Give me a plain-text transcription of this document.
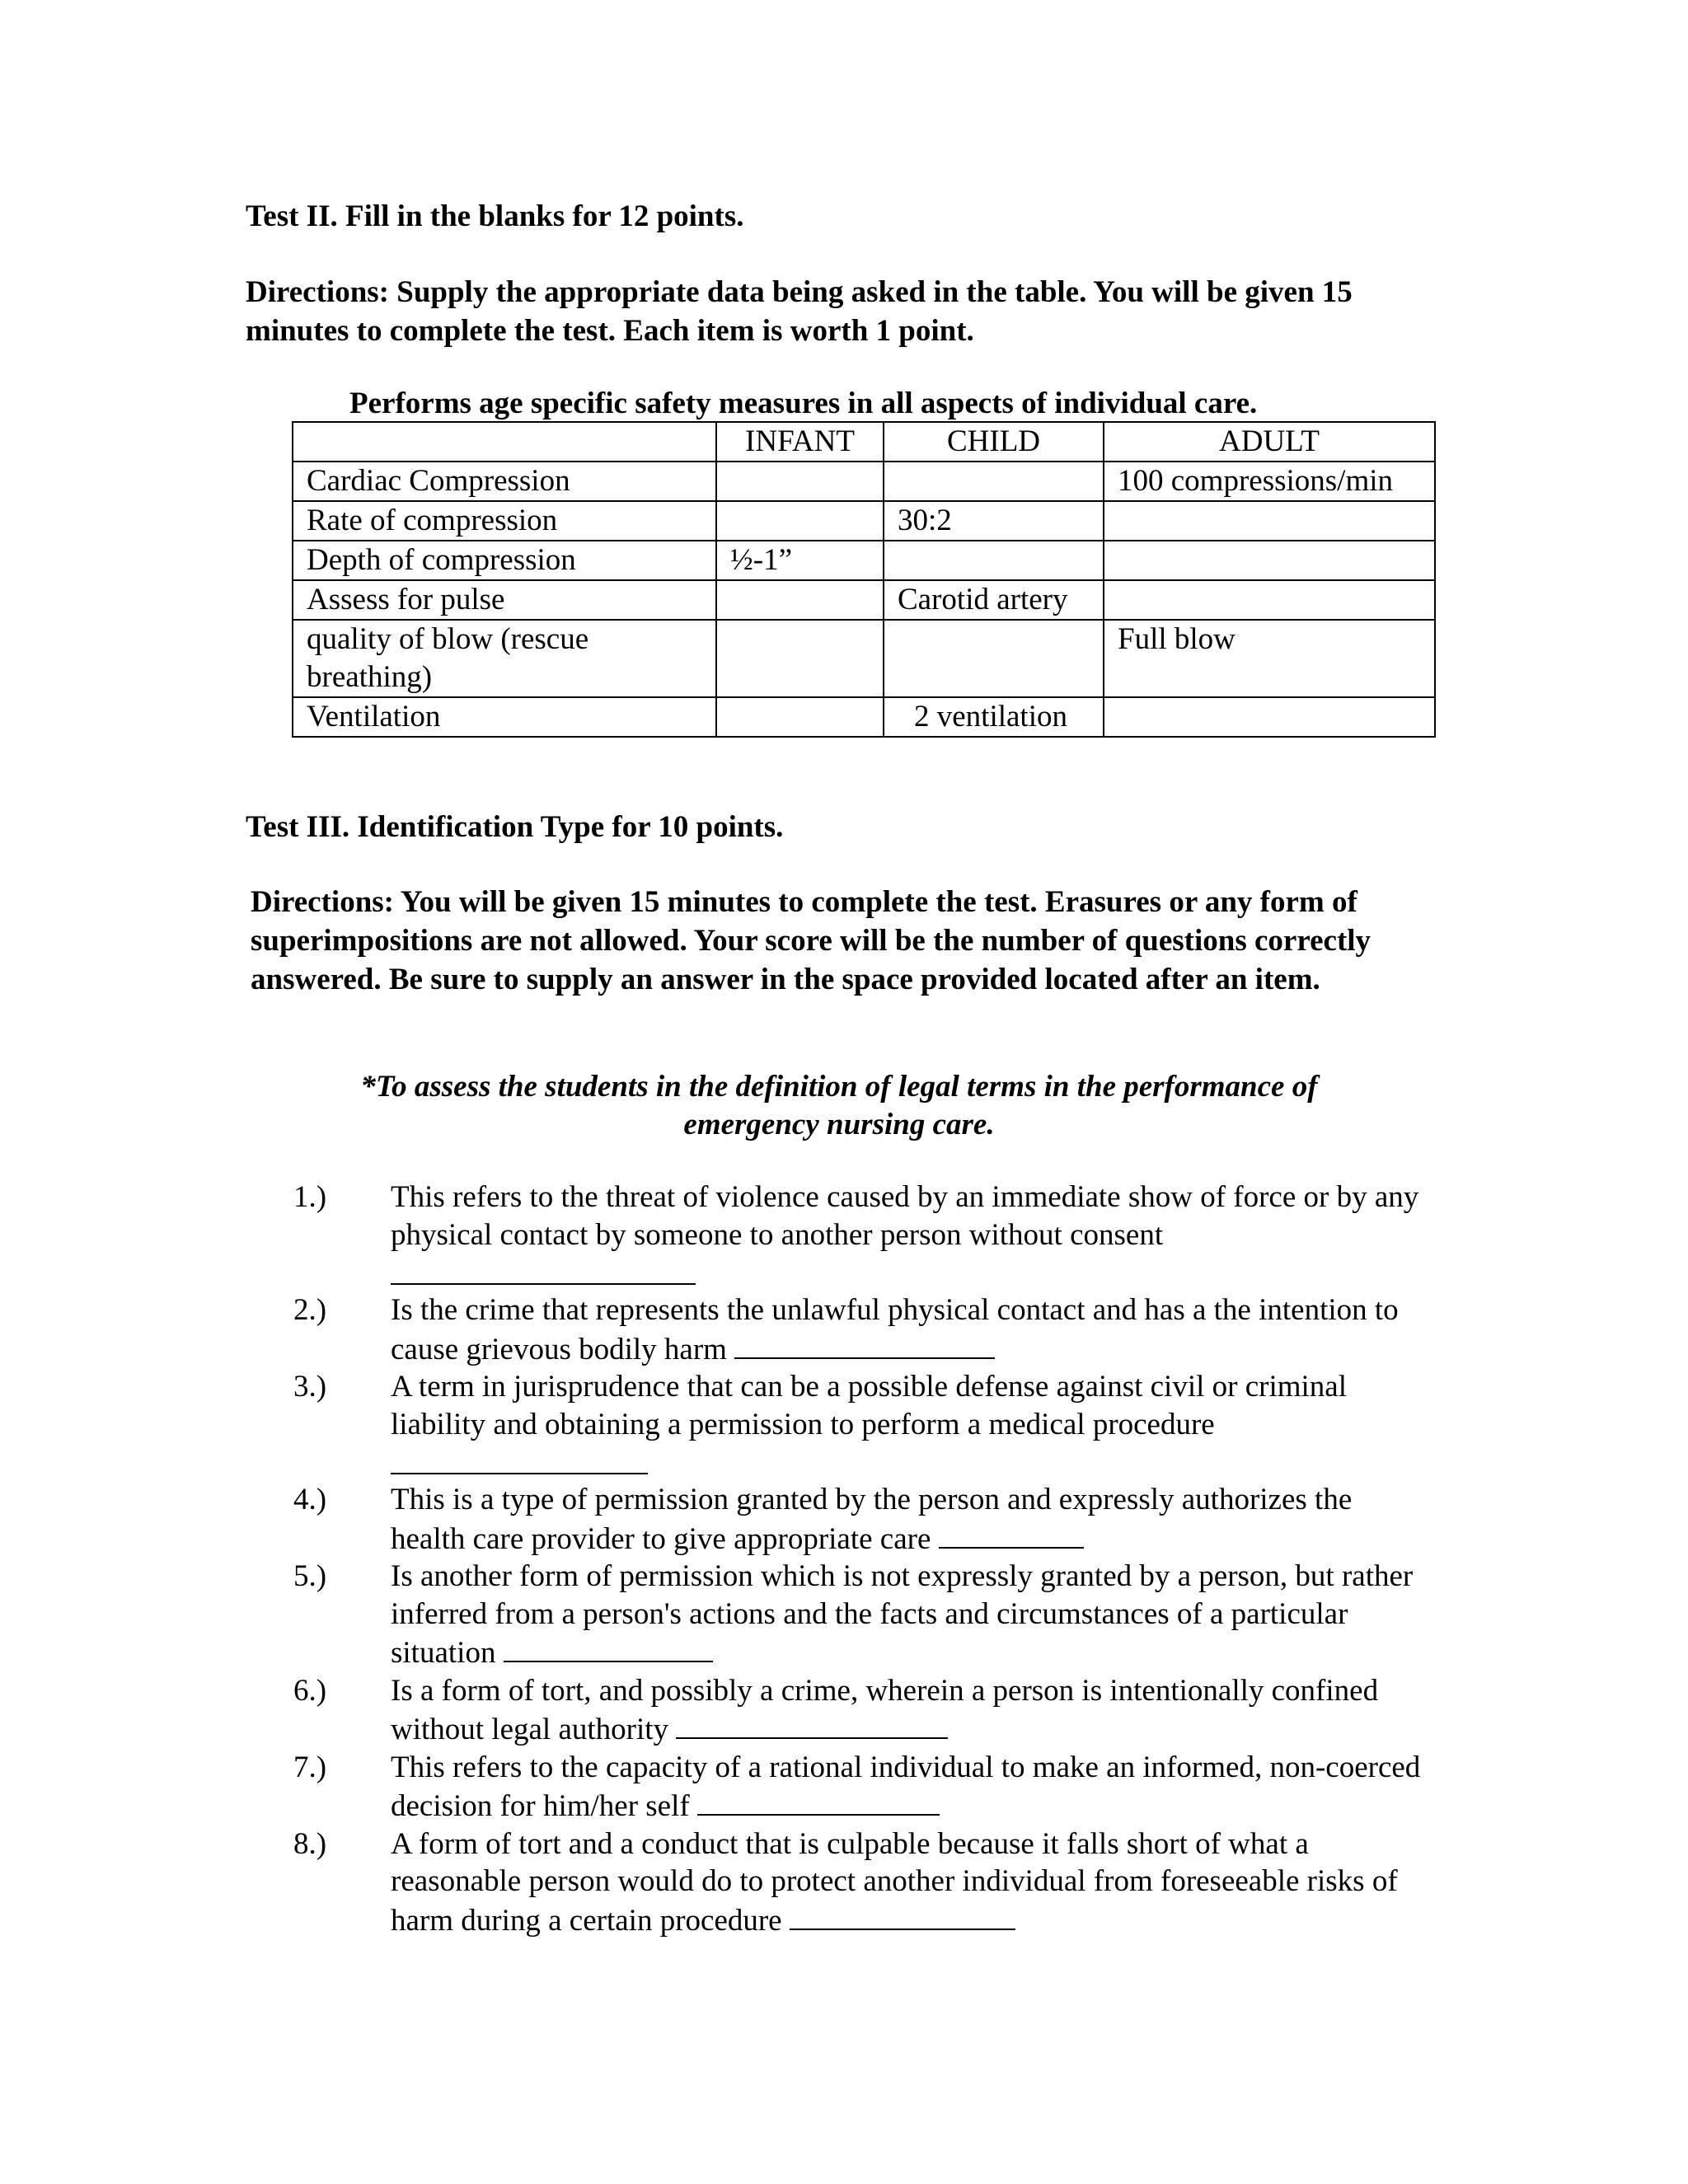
Test II. Fill in the blanks for 12 points.
Directions: Supply the appropriate data being asked in the table. You will be given 15 minutes to complete the test. Each item is worth 1 point.
Performs age specific safety measures in all aspects of individual care.
	INFANT	CHILD	ADULT
Cardiac Compression			100 compressions/min
Rate of compression		30:2	
Depth of compression	½-1”		
Assess for pulse		Carotid artery	
quality of blow (rescue breathing)			Full blow
Ventilation		2 ventilation	
Test III. Identification Type for 10 points.
Directions: You will be given 15 minutes to complete the test. Erasures or any form of superimpositions are not allowed. Your score will be the number of questions correctly answered. Be sure to supply an answer in the space provided located after an item.
*To assess the students in the definition of legal terms in the performance of
emergency nursing care.
1.)	This refers to the threat of violence caused by an immediate show of force or by any physical contact by someone to another person without consent
2.)	Is the crime that represents the unlawful physical contact and has a the intention to cause grievous bodily harm
3.)	A term in jurisprudence that can be a possible defense against civil or criminal liability and obtaining a permission to perform a medical procedure
4.)	This is a type of permission granted by the person and expressly authorizes the health care provider to give appropriate care
5.)	Is another form of permission which is not expressly granted by a person, but rather inferred from a person's actions and the facts and circumstances of a particular situation
6.)	Is a form of tort, and possibly a crime, wherein a person is intentionally confined without legal authority
7.)	This refers to the capacity of a rational individual to make an informed, non-coerced decision for him/her self
8.)	A form of tort and a conduct that is culpable because it falls short of what a reasonable person would do to protect another individual from foreseeable risks of harm during a certain procedure
